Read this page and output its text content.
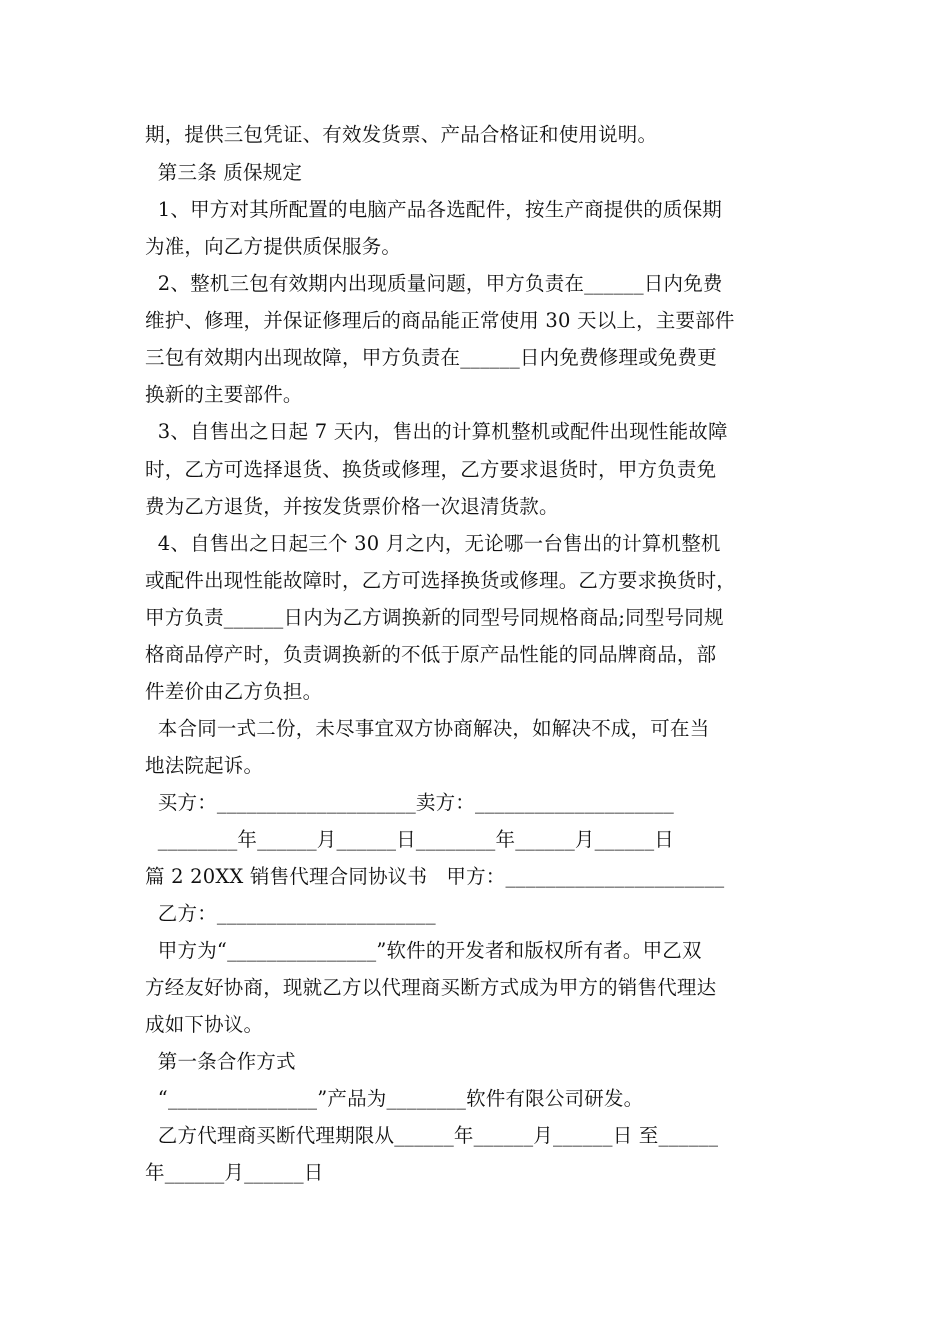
期，提供三包凭证、有效发货票、产品合格证和使用说明。
第三条 质保规定
1、甲方对其所配置的电脑产品各选配件，按生产商提供的质保期
为准，向乙方提供质保服务。
2、整机三包有效期内出现质量问题，甲方负责在______日内免费
维护、修理，并保证修理后的商品能正常使用 30 天以上，主要部件
三包有效期内出现故障，甲方负责在______日内免费修理或免费更
换新的主要部件。
3、自售出之日起 7 天内，售出的计算机整机或配件出现性能故障
时，乙方可选择退货、换货或修理，乙方要求退货时，甲方负责免
费为乙方退货，并按发货票价格一次退清货款。
4、自售出之日起三个 30 月之内，无论哪一台售出的计算机整机
或配件出现性能故障时，乙方可选择换货或修理。乙方要求换货时，
甲方负责______日内为乙方调换新的同型号同规格商品;同型号同规
格商品停产时，负责调换新的不低于原产品性能的同品牌商品，部
件差价由乙方负担。
本合同一式二份，未尽事宜双方协商解决，如解决不成，可在当
地法院起诉。
买方：____________________卖方：____________________
________年______月______日________年______月______日
篇 2 20XX 销售代理合同协议书   甲方：______________________
乙方：______________________
甲方为“_______________”软件的开发者和版权所有者。甲乙双
方经友好协商，现就乙方以代理商买断方式成为甲方的销售代理达
成如下协议。
第一条合作方式
“_______________”产品为________软件有限公司研发。
乙方代理商买断代理期限从______年______月______日 至______
年______月______日
